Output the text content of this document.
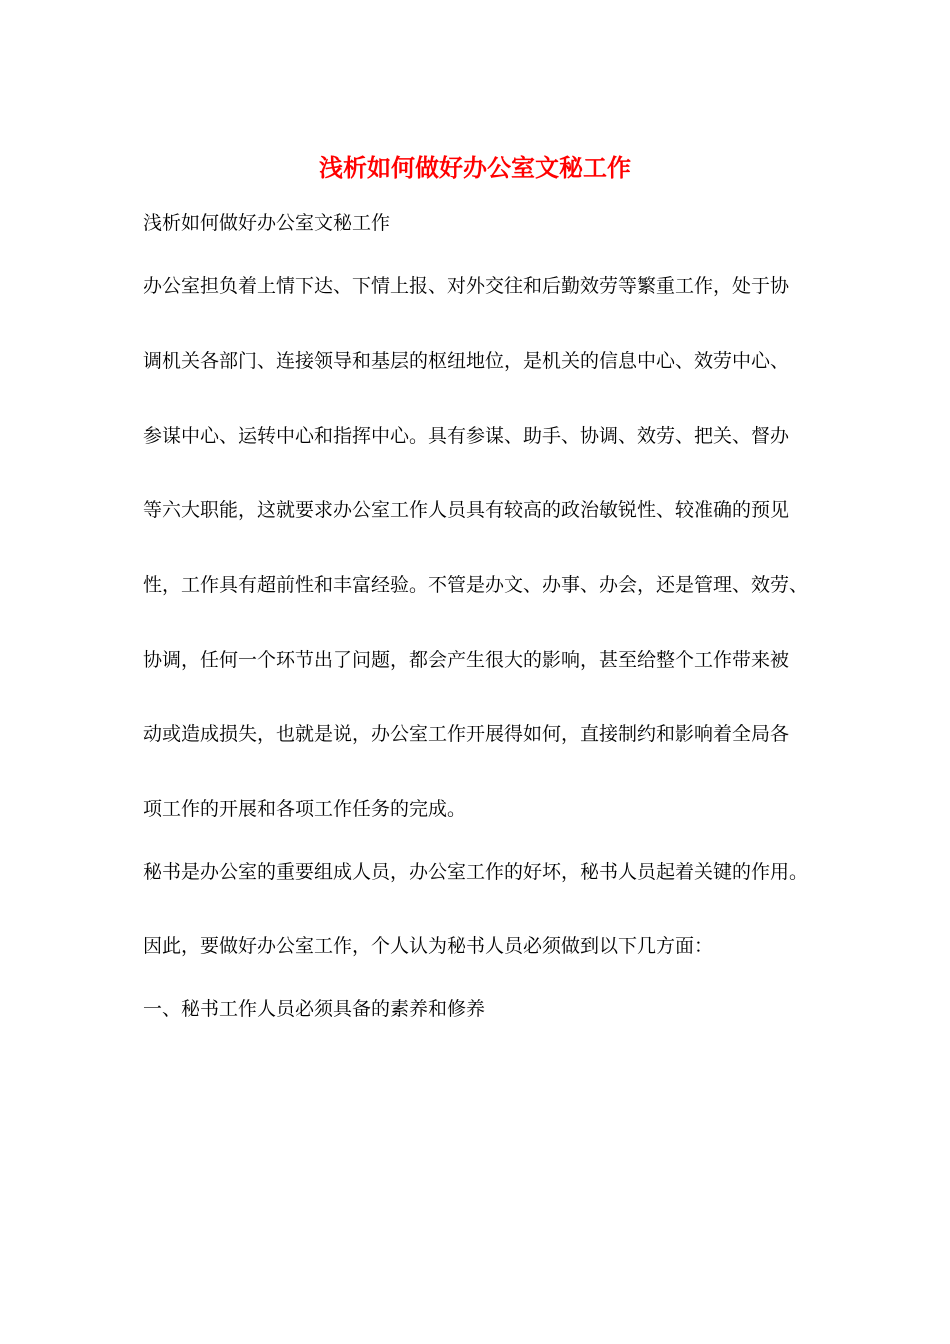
浅析如何做好办公室文秘工作
浅析如何做好办公室文秘工作
办公室担负着上情下达、下情上报、对外交往和后勤效劳等繁重工作，处于协
调机关各部门、连接领导和基层的枢纽地位，是机关的信息中心、效劳中心、
参谋中心、运转中心和指挥中心。具有参谋、助手、协调、效劳、把关、督办
等六大职能，这就要求办公室工作人员具有较高的政治敏锐性、较准确的预见
性，工作具有超前性和丰富经验。不管是办文、办事、办会，还是管理、效劳、
协调，任何一个环节出了问题，都会产生很大的影响，甚至给整个工作带来被
动或造成损失，也就是说，办公室工作开展得如何，直接制约和影响着全局各
项工作的开展和各项工作任务的完成。
秘书是办公室的重要组成人员，办公室工作的好坏，秘书人员起着关键的作用。
因此，要做好办公室工作，个人认为秘书人员必须做到以下几方面：
一、秘书工作人员必须具备的素养和修养
